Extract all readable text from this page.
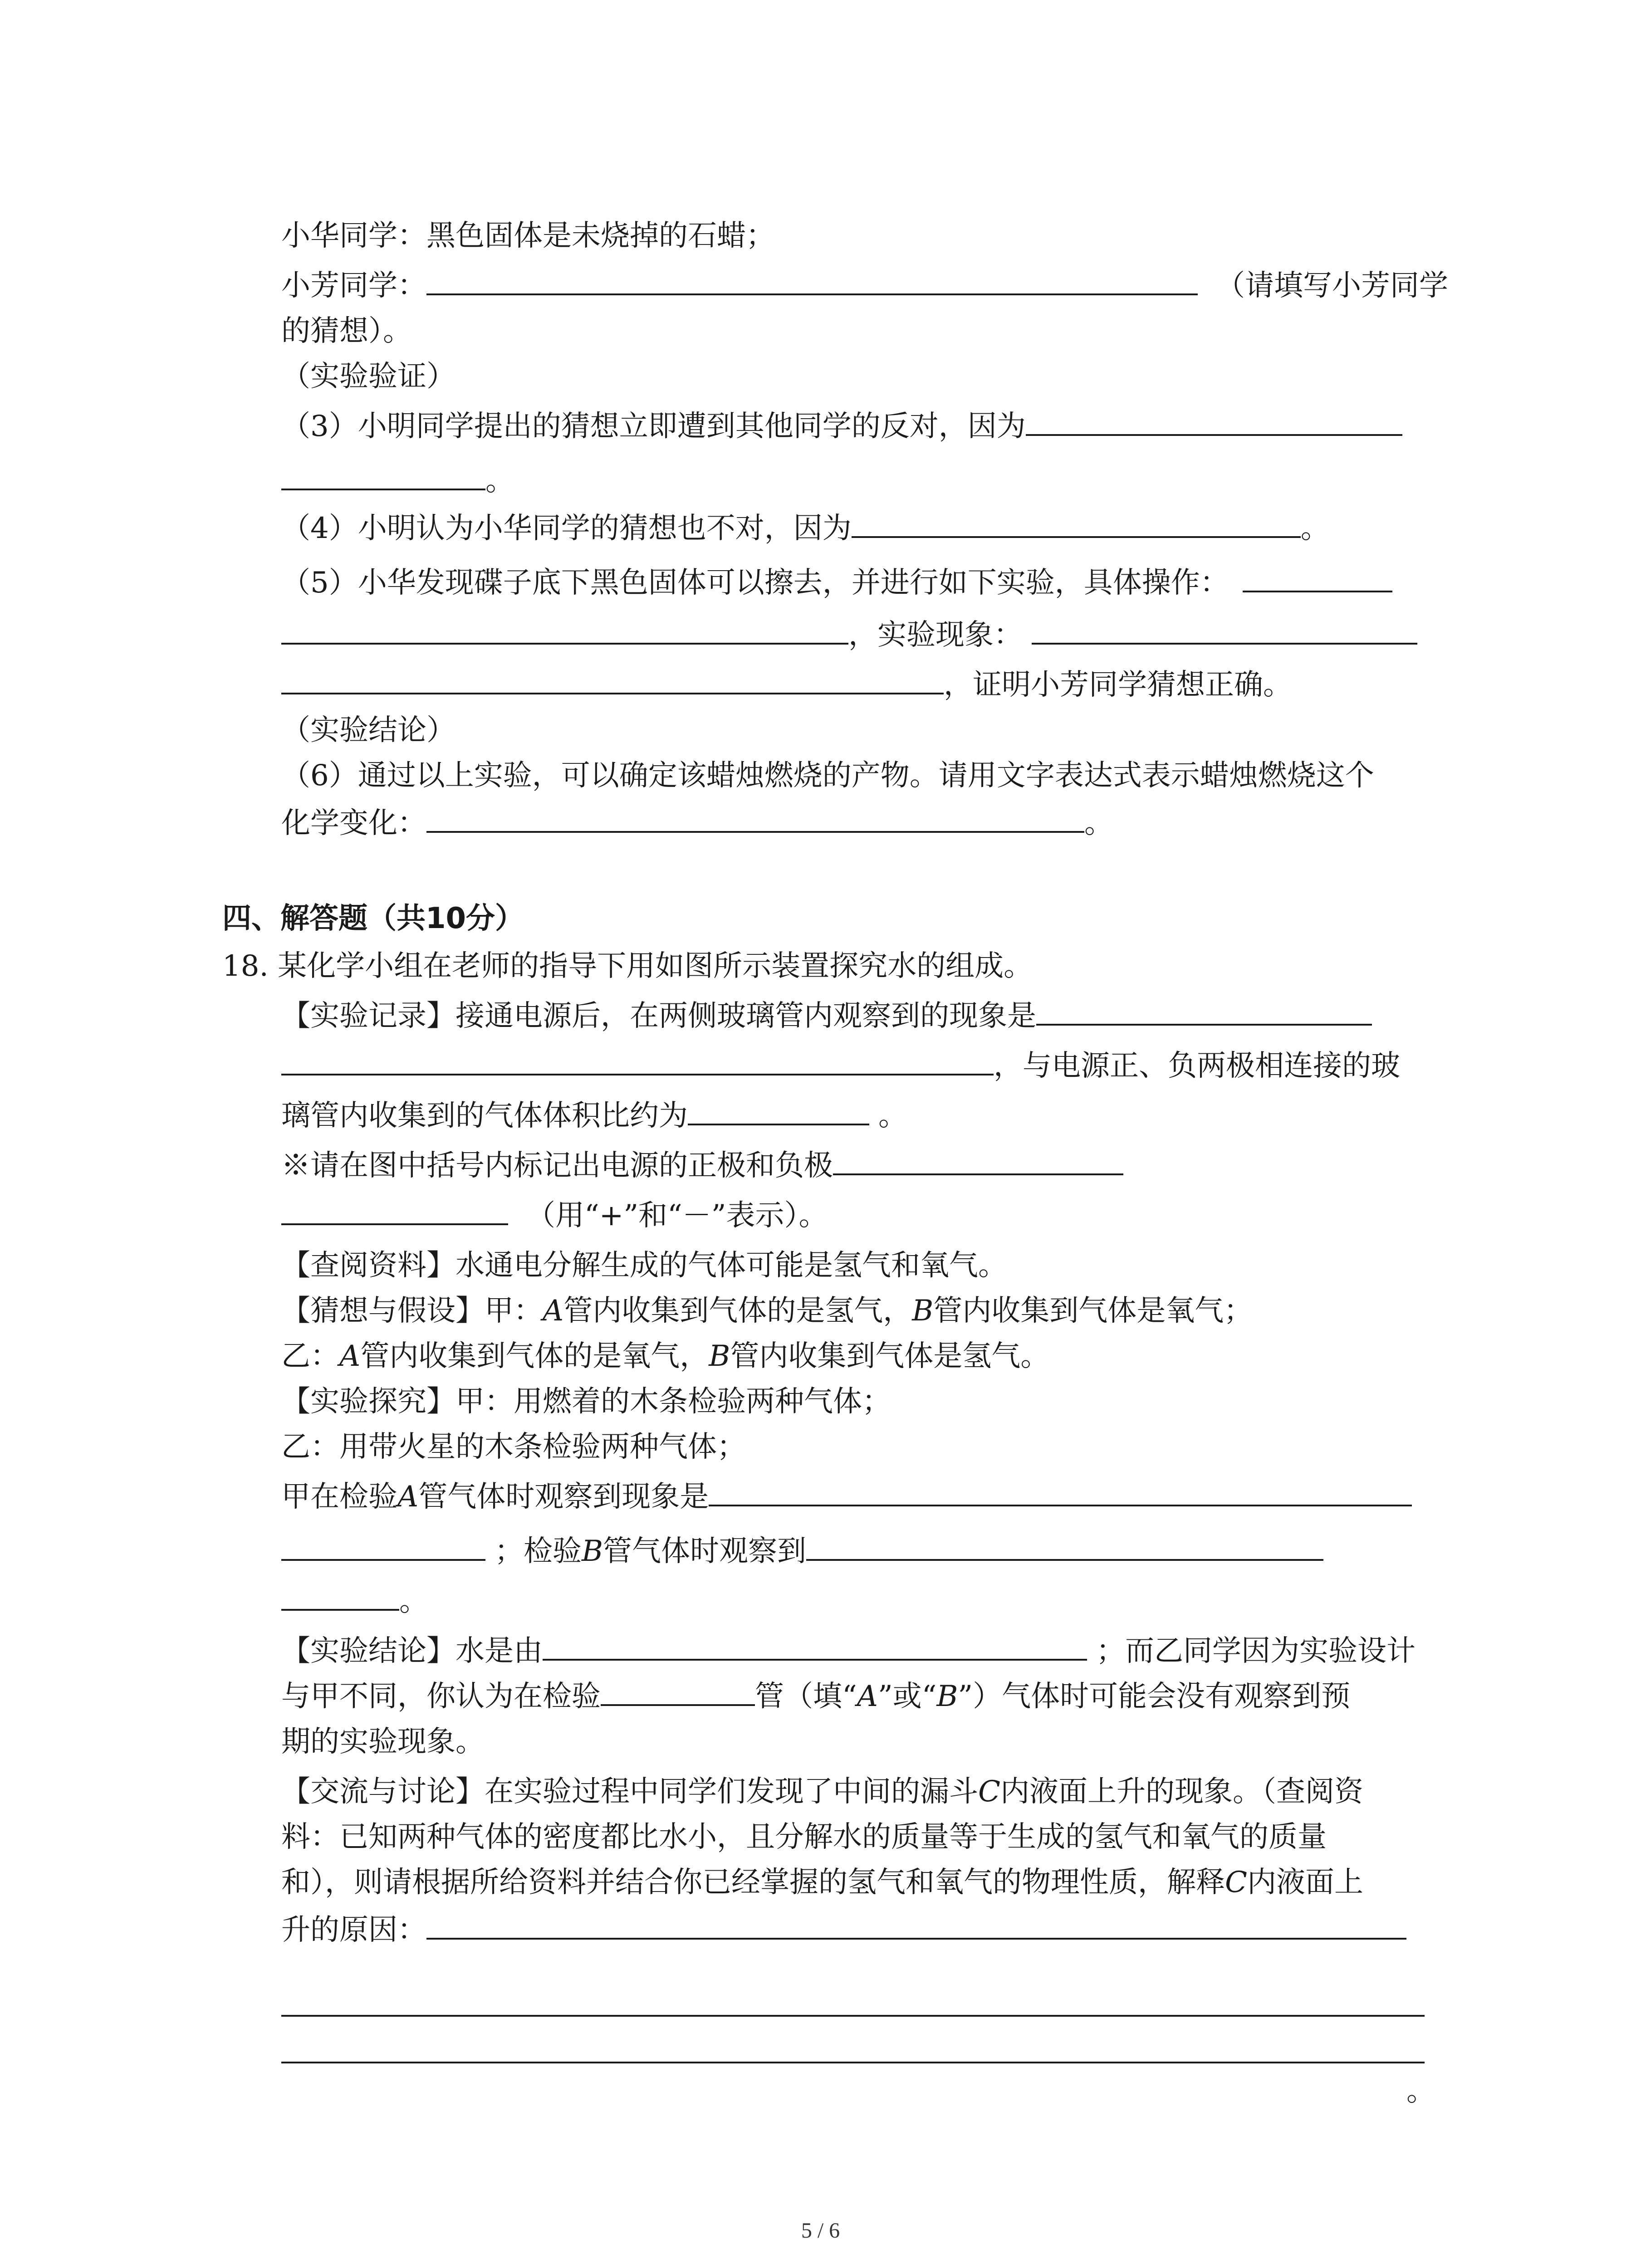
小华同学：黑色固体是未烧掉的石蜡；
小芳同学：	（请填写小芳同学
的猜想）。
（实验验证）
（3）小明同学提出的猜想立即遭到其他同学的反对，因为
。
（4）小明认为小华同学的猜想也不对，因为	。
（5）小华发现碟子底下黑色固体可以擦去，并进行如下实验，具体操作：
，实验现象：
，证明小芳同学猜想正确。
（实验结论）
（6）通过以上实验，可以确定该蜡烛燃烧的产物。请用文字表达式表示蜡烛燃烧这个
化学变化：	。
四、解答题（共10分）
18. 某化学小组在老师的指导下用如图所示装置探究水的组成。
【实验记录】接通电源后，在两侧玻璃管内观察到的现象是
，与电源正、负两极相连接的玻
璃管内收集到的气体体积比约为	。
※请在图中括号内标记出电源的正极和负极
（用“+”和“－”表示）。
【查阅资料】水通电分解生成的气体可能是氢气和氧气。
【猜想与假设】甲：A管内收集到气体的是氢气，B管内收集到气体是氧气；
乙：A管内收集到气体的是氧气，B管内收集到气体是氢气。
【实验探究】甲：用燃着的木条检验两种气体；
乙：用带火星的木条检验两种气体；
甲在检验A管气体时观察到现象是
；检验B管气体时观察到
。
【实验结论】水是由	；而乙同学因为实验设计
与甲不同，你认为在检验	管（填“A”或“B”）气体时可能会没有观察到预
期的实验现象。
【交流与讨论】在实验过程中同学们发现了中间的漏斗C内液面上升的现象。（查阅资
料：已知两种气体的密度都比水小，且分解水的质量等于生成的氢气和氧气的质量
和），则请根据所给资料并结合你已经掌握的氢气和氧气的物理性质，解释C内液面上
升的原因：
。
5 / 6
